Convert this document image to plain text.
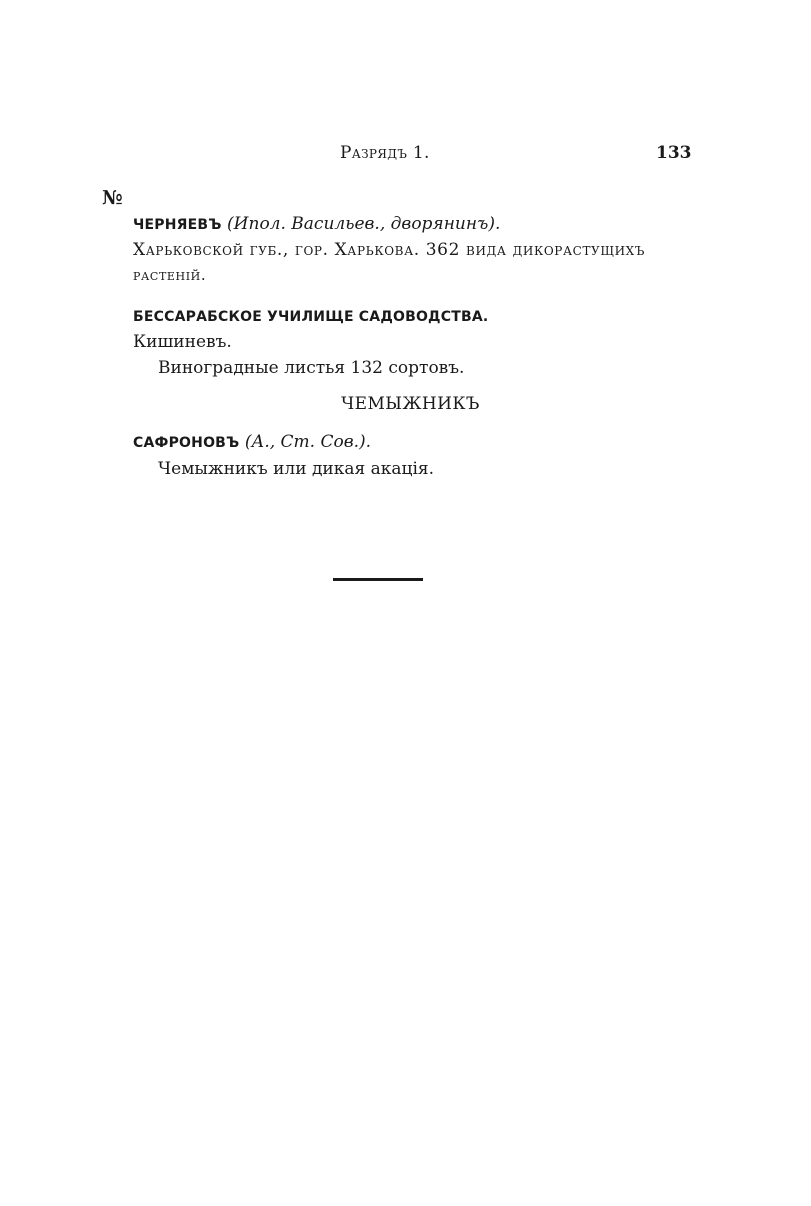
Разрядъ 1.	133
№
ЧЕРНЯЕВЪ (Ипол. Васильев., дворянинъ).
Харьковской губ., гор. Харькова. 362 вида дикорастущихъ
растеній.
БЕССАРАБСКОЕ УЧИЛИЩЕ САДОВОДСТВА.
Кишиневъ.
Виноградные листья 132 сортовъ.
ЧЕМЫЖНИКЪ
САФРОНОВЪ (А., Ст. Сов.).
Чемыжникъ или дикая акація.
